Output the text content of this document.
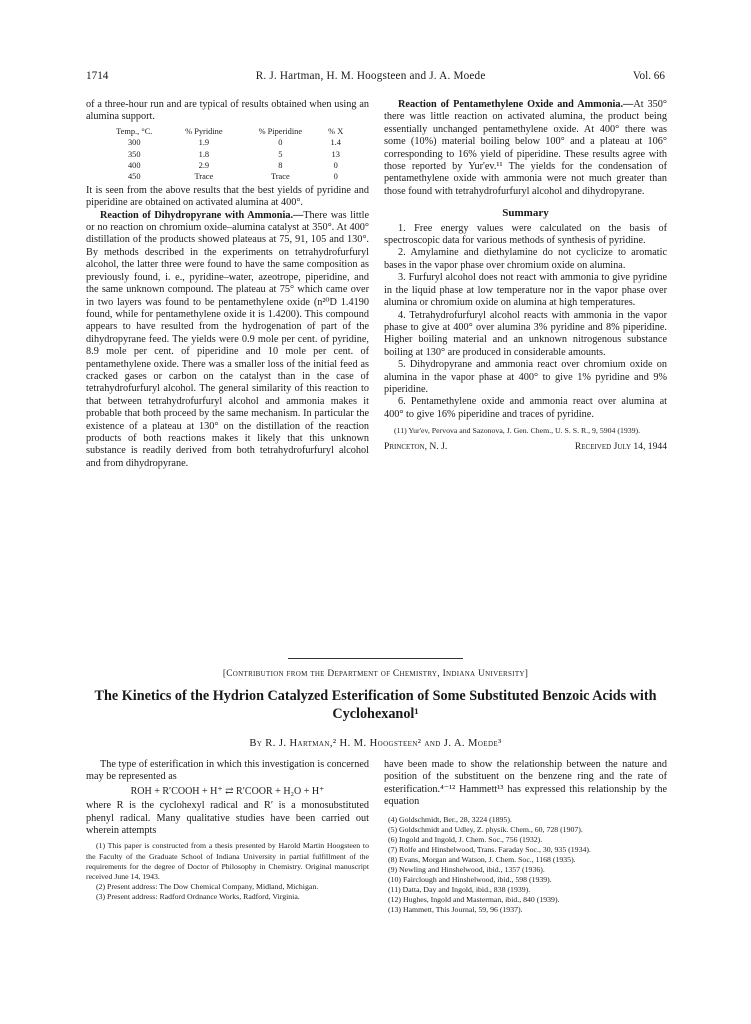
1714	R. J. Hartman, H. M. Hoogsteen and J. A. Moede	Vol. 66

of a three-hour run and are typical of results obtained when using an alumina support.

Temp., °C.	% Pyridine	% Piperidine	% X
300	1.9	0	1.4
350	1.8	5	13
400	2.9	8	0
450	Trace	Trace	0

It is seen from the above results that the best yields of pyridine and piperidine are obtained on activated alumina at 400°.

Reaction of Dihydropyrane with Ammonia.—There was little or no reaction on chromium oxide–alumina catalyst at 350°. At 400° distillation of the products showed plateaus at 75, 91, 105 and 130°. By methods described in the experiments on tetrahydrofurfuryl alcohol, the latter three were found to have the same composition as previously found, i. e., pyridine–water, azeotrope, piperidine, and the same unknown compound. The plateau at 75° which came over in two layers was found to be pentamethylene oxide (n²⁰D 1.4190 found, while for pentamethylene oxide it is 1.4200). This compound appears to have resulted from the hydrogenation of part of the dihydropyrane feed. The yields were 0.9 mole per cent. of pyridine, 8.9 mole per cent. of piperidine and 10 mole per cent. of pentamethylene oxide. There was a smaller loss of the initial feed as cracked gases or carbon on the catalyst than in the case of tetrahydrofurfuryl alcohol. The general similarity of this reaction to that between tetrahydrofurfuryl alcohol and ammonia makes it probable that both proceed by the same mechanism. In particular the existence of a plateau at 130° on the distillation of the reaction products of both reactions makes it likely that this unknown substance is readily derived from both tetrahydrofurfuryl alcohol and from dihydropyrane.

Reaction of Pentamethylene Oxide and Ammonia.—At 350° there was little reaction on activated alumina, the product being essentially unchanged pentamethylene oxide. At 400° there was some (10%) material boiling below 100° and a plateau at 106° corresponding to 16% yield of piperidine. These results agree with those reported by Yur'ev.¹¹ The yields for the condensation of pentamethylene oxide with ammonia were not much greater than those found with tetrahydrofurfuryl alcohol and dihydropyrane.

Summary

1. Free energy values were calculated on the basis of spectroscopic data for various methods of synthesis of pyridine.

2. Amylamine and diethylamine do not cyclicize to aromatic bases in the vapor phase over chromium oxide on alumina.

3. Furfuryl alcohol does not react with ammonia to give pyridine in the liquid phase at low temperature nor in the vapor phase over alumina or chromium oxide on alumina at high temperatures.

4. Tetrahydrofurfuryl alcohol reacts with ammonia in the vapor phase to give at 400° over alumina 3% pyridine and 8% piperidine. Higher boiling material and an unknown nitrogenous substance boiling at 130° are produced in considerable amounts.

5. Dihydropyrane and ammonia react over chromium oxide on alumina in the vapor phase at 400° to give 1% pyridine and 9% piperidine.

6. Pentamethylene oxide and ammonia react over alumina at 400° to give 16% piperidine and traces of pyridine.

(11) Yur'ev, Pervova and Sazonova, J. Gen. Chem., U. S. S. R., 9, 5904 (1939).

Princeton, N. J.	Received July 14, 1944
[Contribution from the Department of Chemistry, Indiana University]
The Kinetics of the Hydrion Catalyzed Esterification of Some Substituted Benzoic Acids with Cyclohexanol¹
By R. J. Hartman,² H. M. Hoogsteen² and J. A. Moede³

The type of esterification in which this investigation is concerned may be represented as

ROH + R′COOH + H⁺ ⇄ R′COOR + H₂O + H⁺

where R is the cyclohexyl radical and R′ is a monosubstituted phenyl radical. Many qualitative studies have been carried out wherein attempts

(1) This paper is constructed from a thesis presented by Harold Martin Hoogsteen to the Faculty of the Graduate School of Indiana University in partial fulfillment of the requirements for the degree of Doctor of Philosophy in Chemistry. Original manuscript received June 14, 1943.

(2) Present address: The Dow Chemical Company, Midland, Michigan.

(3) Present address: Radford Ordnance Works, Radford, Virginia.

have been made to show the relationship between the nature and position of the substituent on the benzene ring and the rate of esterification.⁴⁻¹² Hammett¹³ has expressed this relationship by the equation

(4) Goldschmidt, Ber., 28, 3224 (1895).
(5) Goldschmidt and Udley, Z. physik. Chem., 60, 728 (1907).
(6) Ingold and Ingold, J. Chem. Soc., 756 (1932).
(7) Rolfe and Hinshelwood, Trans. Faraday Soc., 30, 935 (1934).
(8) Evans, Morgan and Watson, J. Chem. Soc., 1168 (1935).
(9) Newling and Hinshelwood, ibid., 1357 (1936).
(10) Fairclough and Hinshelwood, ibid., 598 (1939).
(11) Datta, Day and Ingold, ibid., 838 (1939).
(12) Hughes, Ingold and Masterman, ibid., 840 (1939).
(13) Hammett, This Journal, 59, 96 (1937).
